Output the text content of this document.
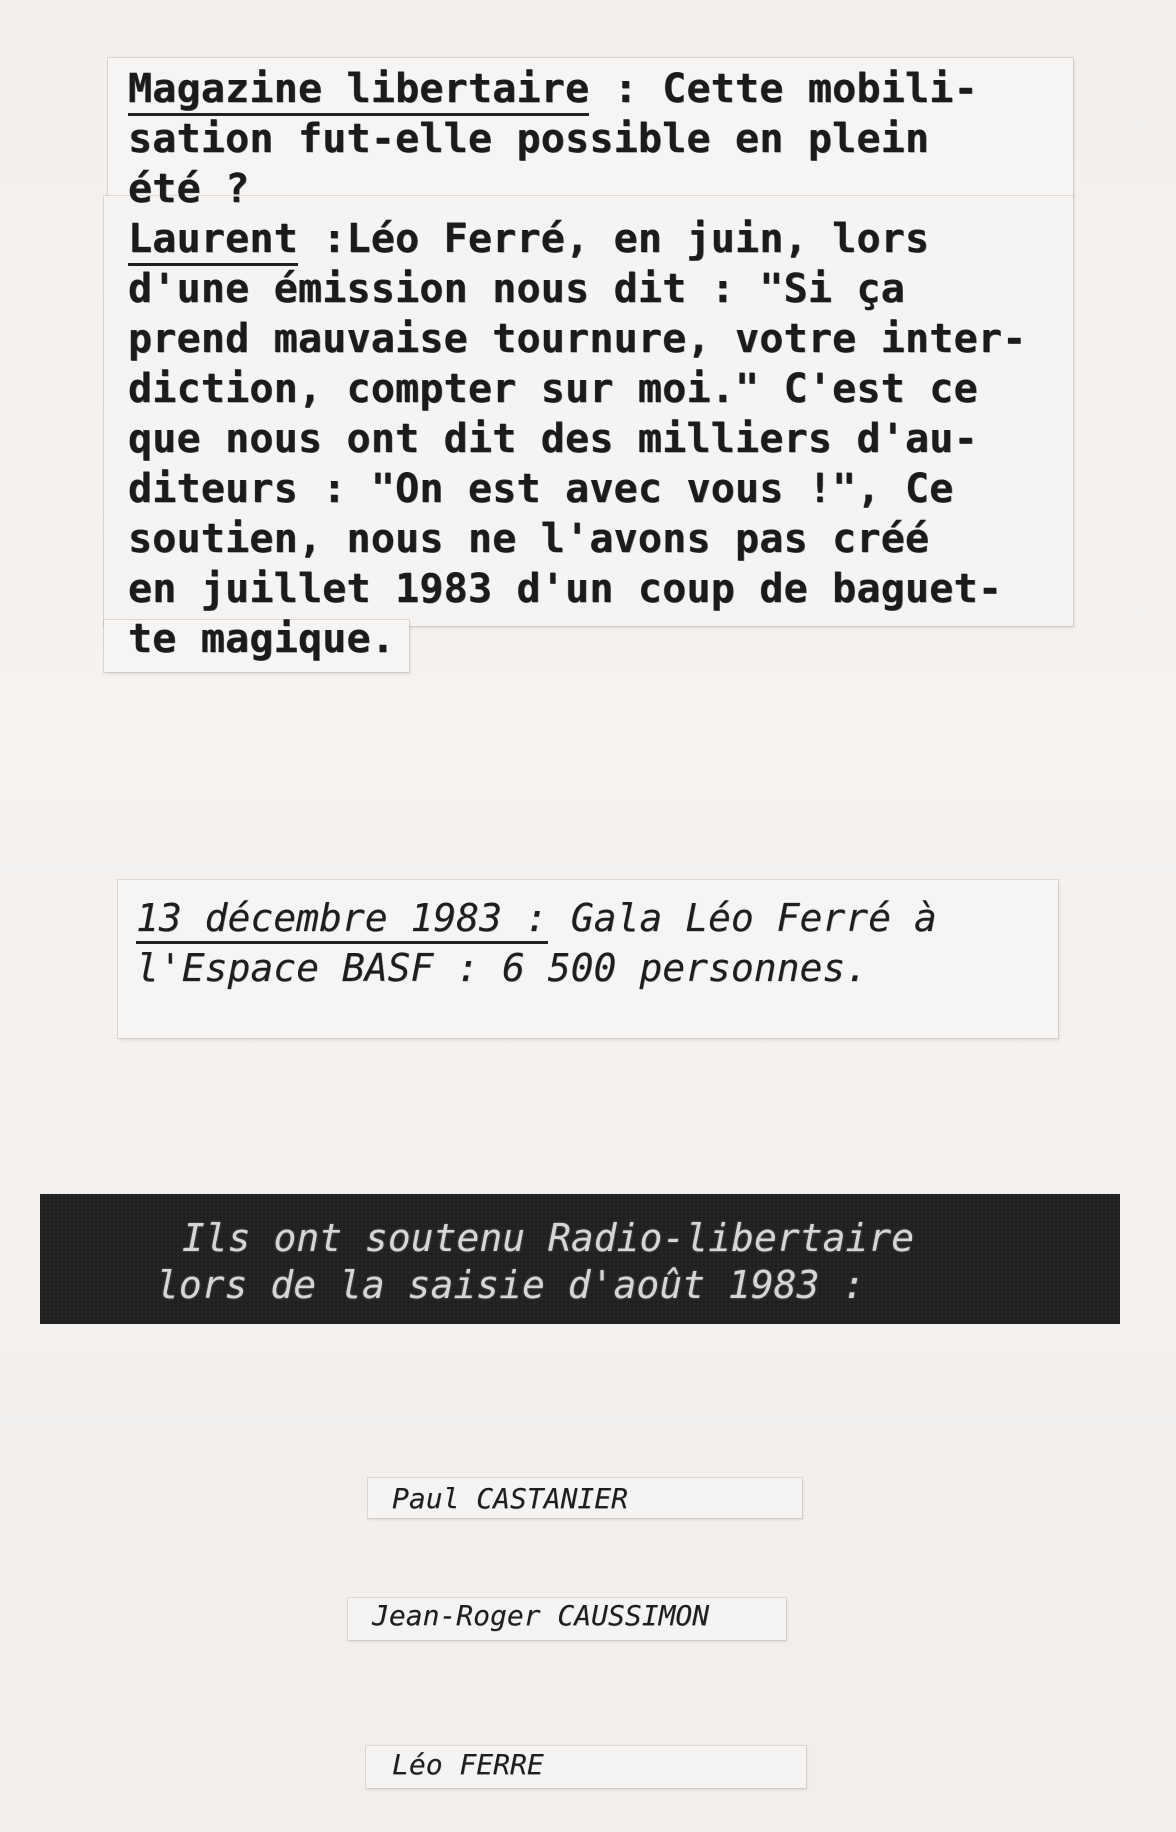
Magazine libertaire : Cette mobili-
sation fut-elle possible en plein
été ?
Laurent :Léo Ferré, en juin, lors
d'une émission nous dit : "Si ça
prend mauvaise tournure, votre inter-
diction, compter sur moi." C'est ce
que nous ont dit des milliers d'au-
diteurs : "On est avec vous !", Ce
soutien, nous ne l'avons pas créé
en juillet 1983 d'un coup de baguet-
te magique.
13 décembre 1983 : Gala Léo Ferré à
l'Espace BASF : 6 500 personnes.
Ils ont soutenu Radio-libertaire
lors de la saisie d'août 1983 :
Paul CASTANIER
Jean-Roger CAUSSIMON
Léo FERRE
